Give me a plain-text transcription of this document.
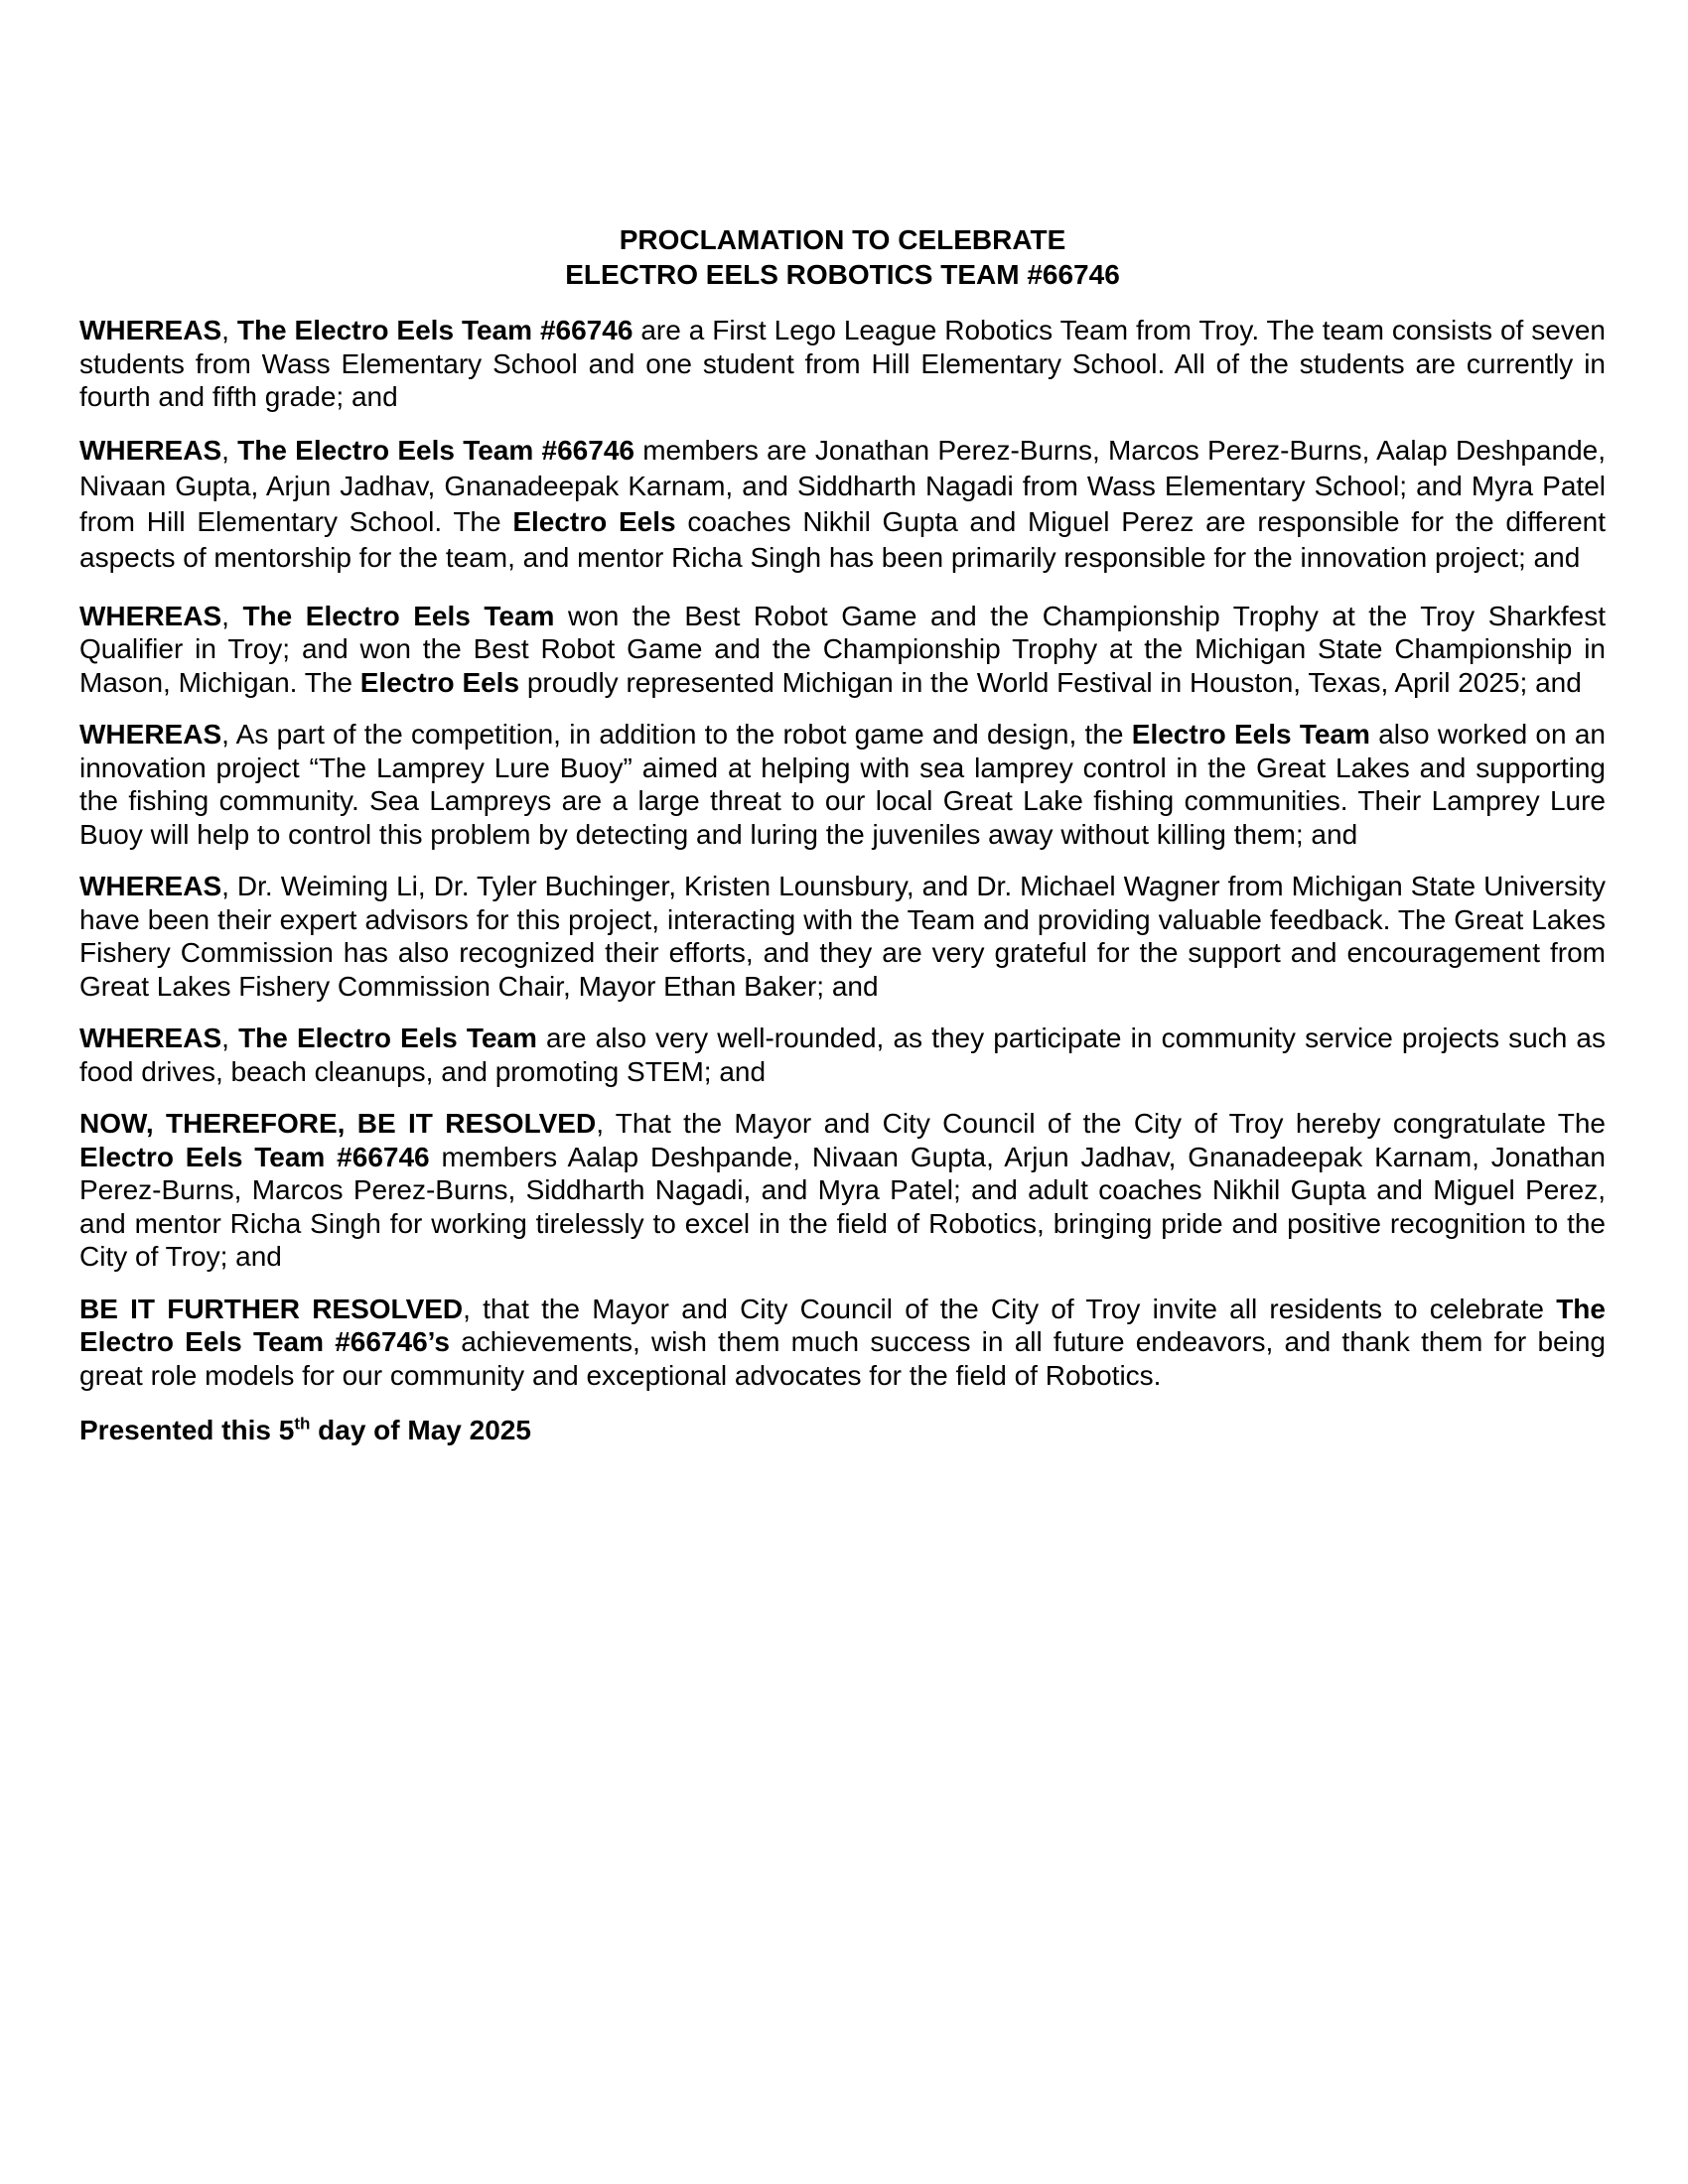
PROCLAMATION TO CELEBRATE
ELECTRO EELS ROBOTICS TEAM #66746

WHEREAS, The Electro Eels Team #66746 are a First Lego League Robotics Team from Troy. The team consists of seven students from Wass Elementary School and one student from Hill Elementary School. All of the students are currently in fourth and fifth grade; and

WHEREAS, The Electro Eels Team #66746 members are Jonathan Perez-Burns, Marcos Perez-Burns, Aalap Deshpande, Nivaan Gupta, Arjun Jadhav, Gnanadeepak Karnam, and Siddharth Nagadi from Wass Elementary School; and Myra Patel from Hill Elementary School. The Electro Eels coaches Nikhil Gupta and Miguel Perez are responsible for the different aspects of mentorship for the team, and mentor Richa Singh has been primarily responsible for the innovation project; and

WHEREAS, The Electro Eels Team won the Best Robot Game and the Championship Trophy at the Troy Sharkfest Qualifier in Troy; and won the Best Robot Game and the Championship Trophy at the Michigan State Championship in Mason, Michigan. The Electro Eels proudly represented Michigan in the World Festival in Houston, Texas, April 2025; and

WHEREAS, As part of the competition, in addition to the robot game and design, the Electro Eels Team also worked on an innovation project “The Lamprey Lure Buoy” aimed at helping with sea lamprey control in the Great Lakes and supporting the fishing community. Sea Lampreys are a large threat to our local Great Lake fishing communities. Their Lamprey Lure Buoy will help to control this problem by detecting and luring the juveniles away without killing them; and

WHEREAS, Dr. Weiming Li, Dr. Tyler Buchinger, Kristen Lounsbury, and Dr. Michael Wagner from Michigan State University have been their expert advisors for this project, interacting with the Team and providing valuable feedback. The Great Lakes Fishery Commission has also recognized their efforts, and they are very grateful for the support and encouragement from Great Lakes Fishery Commission Chair, Mayor Ethan Baker; and

WHEREAS, The Electro Eels Team are also very well-rounded, as they participate in community service projects such as food drives, beach cleanups, and promoting STEM; and

NOW, THEREFORE, BE IT RESOLVED, That the Mayor and City Council of the City of Troy hereby congratulate The Electro Eels Team #66746 members Aalap Deshpande, Nivaan Gupta, Arjun Jadhav, Gnanadeepak Karnam, Jonathan Perez-Burns, Marcos Perez-Burns, Siddharth Nagadi, and Myra Patel; and adult coaches Nikhil Gupta and Miguel Perez, and mentor Richa Singh for working tirelessly to excel in the field of Robotics, bringing pride and positive recognition to the City of Troy; and

BE IT FURTHER RESOLVED, that the Mayor and City Council of the City of Troy invite all residents to celebrate The Electro Eels Team #66746’s achievements, wish them much success in all future endeavors, and thank them for being great role models for our community and exceptional advocates for the field of Robotics.

Presented this 5th day of May 2025
